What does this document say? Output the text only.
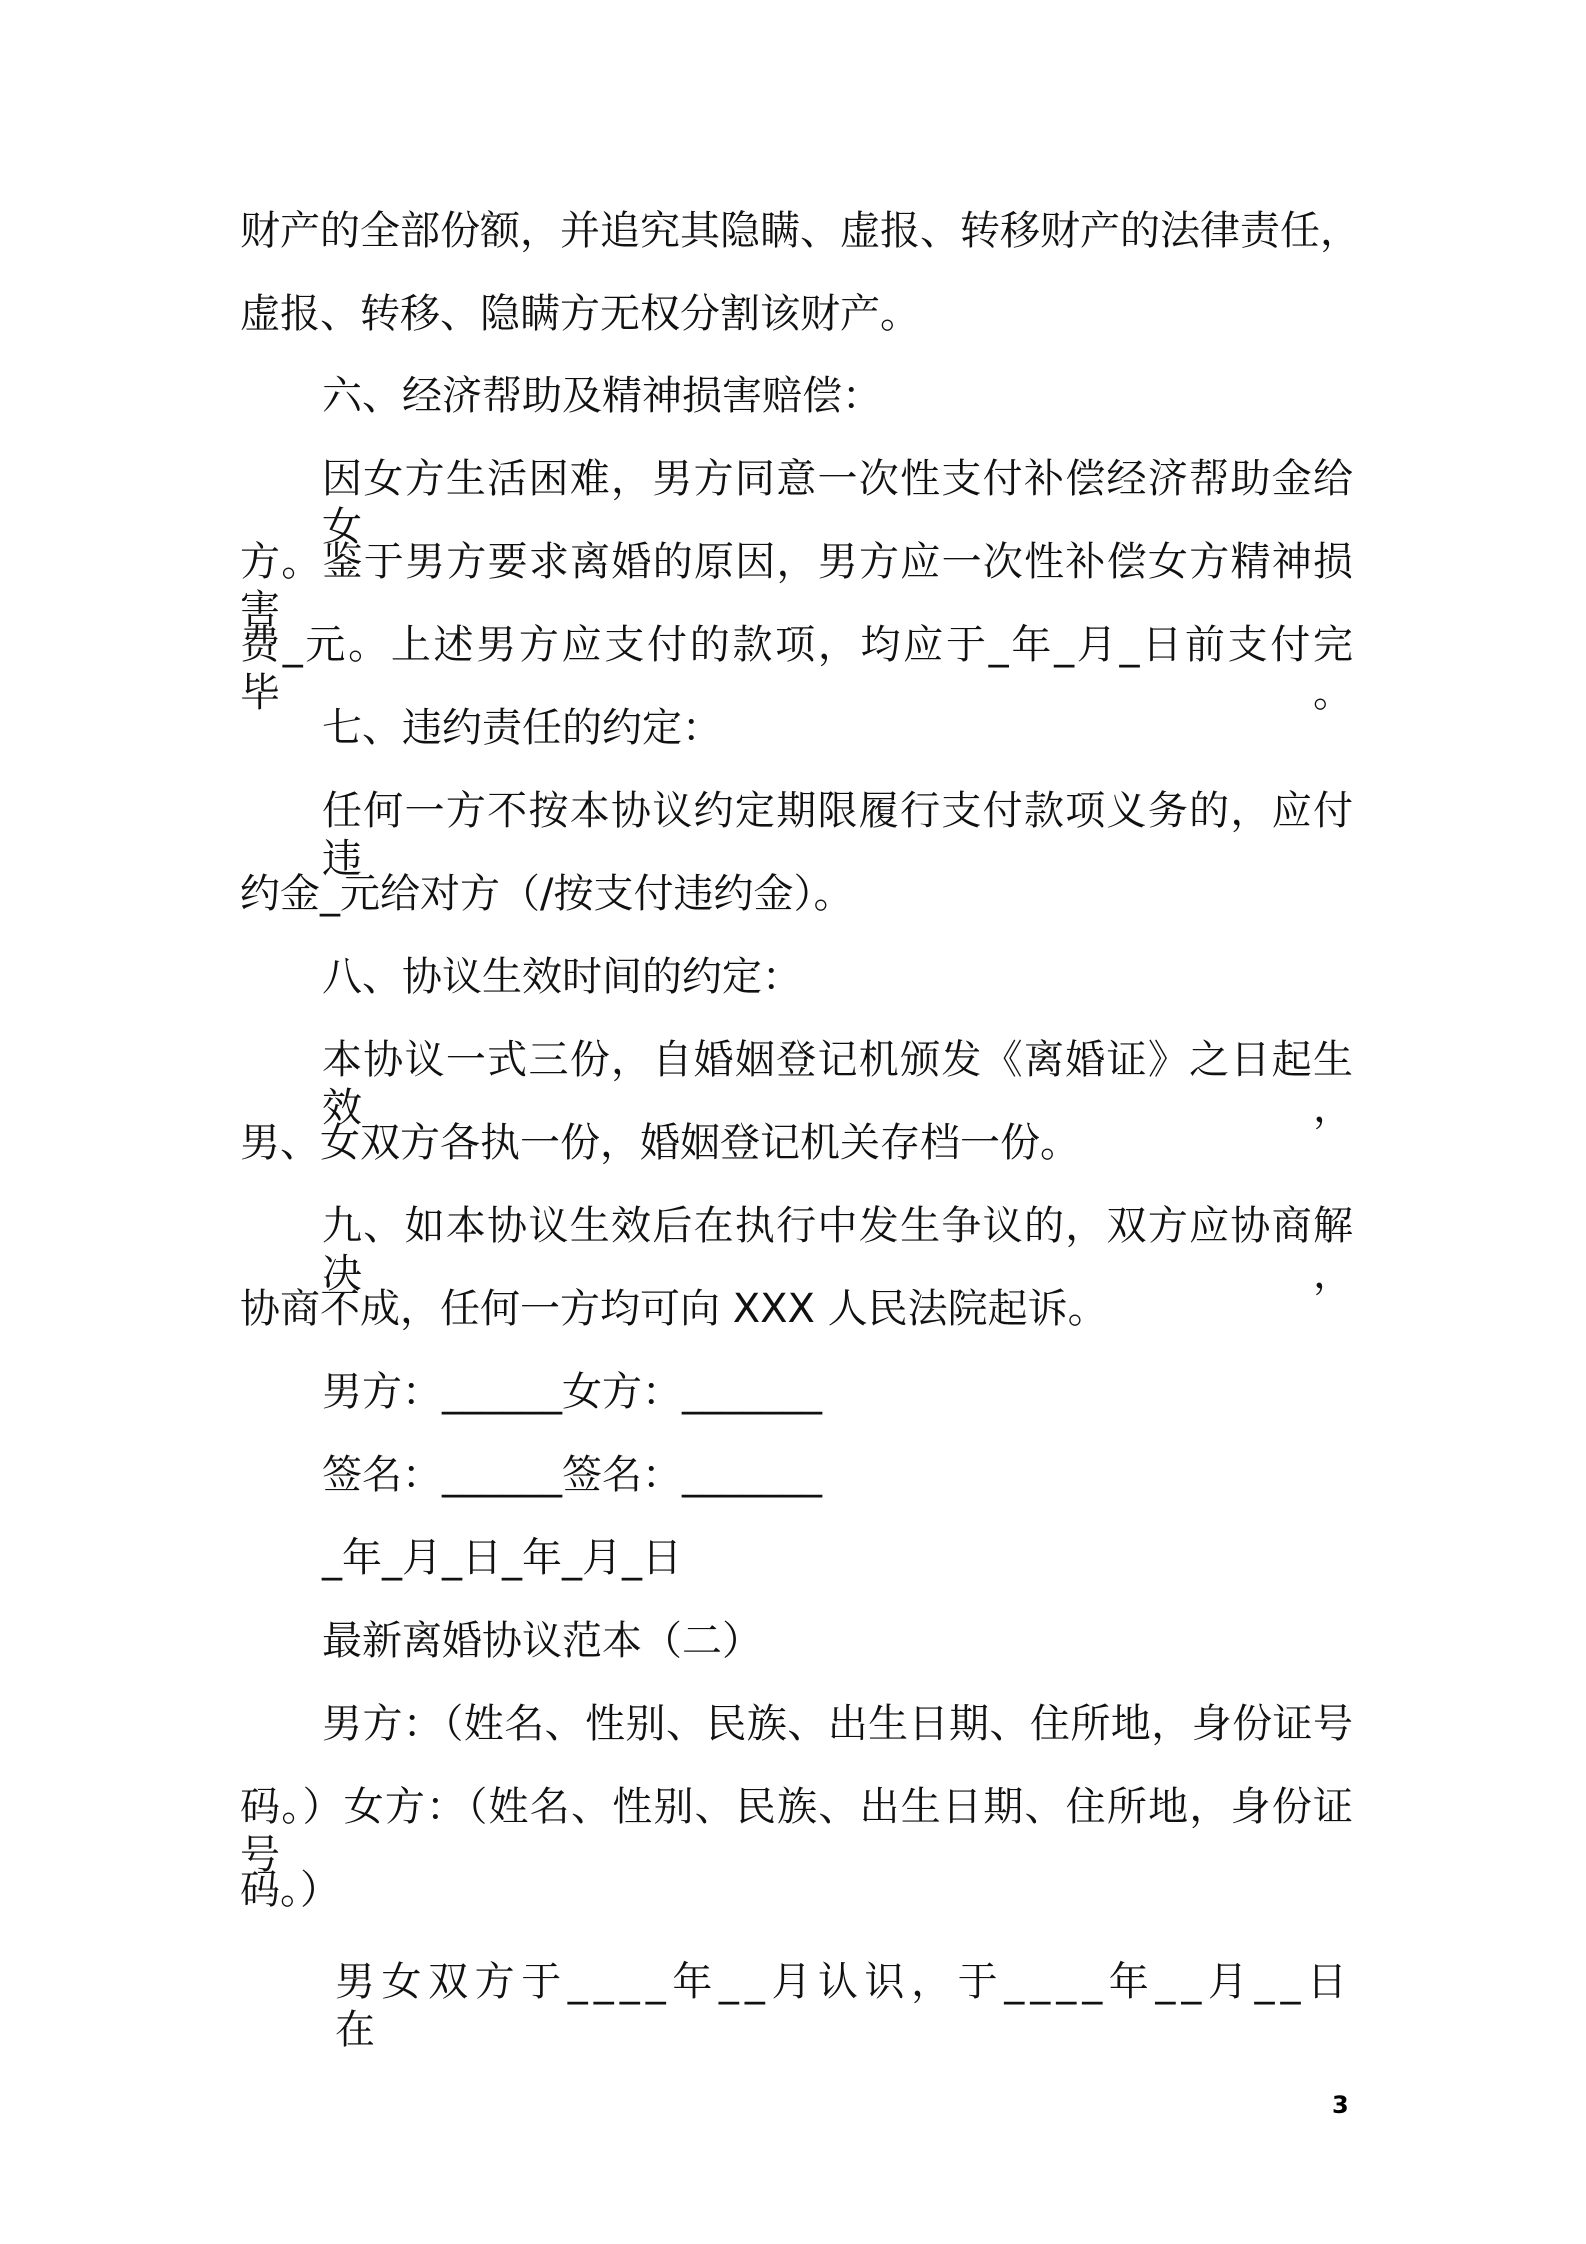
财产的全部份额，并追究其隐瞒、虚报、转移财产的法律责任，
虚报、转移、隐瞒方无权分割该财产。
六、经济帮助及精神损害赔偿：
因女方生活困难，男方同意一次性支付补偿经济帮助金给女
方。鉴于男方要求离婚的原因，男方应一次性补偿女方精神损害
费_元。上述男方应支付的款项，均应于_年_月_日前支付完毕。
七、违约责任的约定：
任何一方不按本协议约定期限履行支付款项义务的，应付违
约金_元给对方（/按支付违约金）。
八、协议生效时间的约定：
本协议一式三份，自婚姻登记机颁发《离婚证》之日起生效，
男、女双方各执一份，婚姻登记机关存档一份。
九、如本协议生效后在执行中发生争议的，双方应协商解决，
协商不成，任何一方均可向 XXX 人民法院起诉。
男方：______女方：_______
签名：______签名：_______
_年_月_日_年_月_日
最新离婚协议范本（二）
男方：（姓名、性别、民族、出生日期、住所地，身份证号
码。）女方：（姓名、性别、民族、出生日期、住所地，身份证号
码。）
男女双方于____年__月认识，于____年__月__日在
3
